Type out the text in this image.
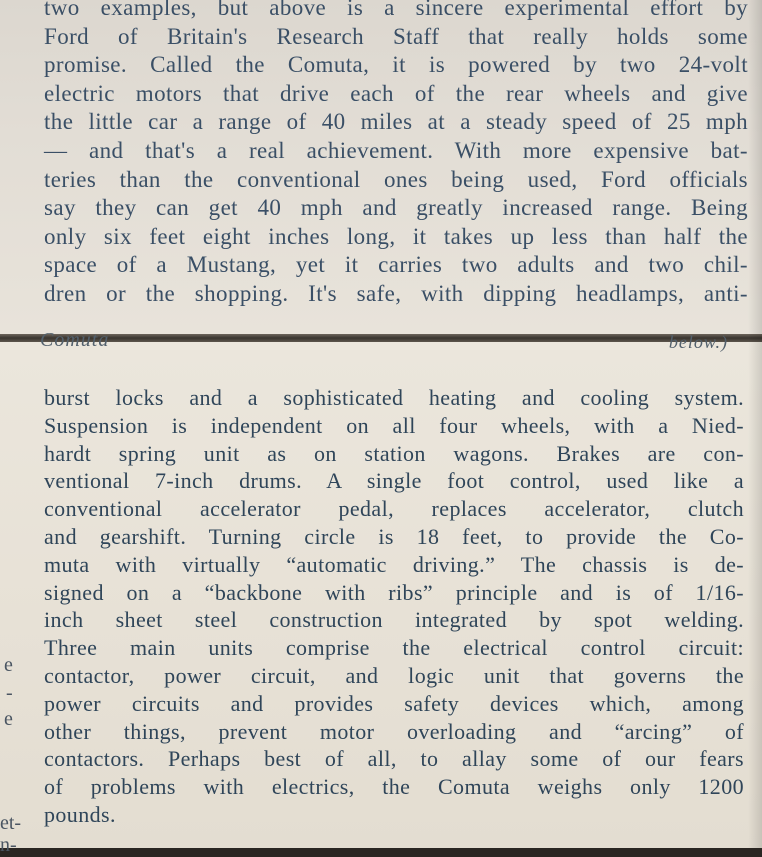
two examples, but above is a sincere experimental effort by
Ford of Britain's Research Staff that really holds some
promise. Called the Comuta, it is powered by two 24-volt
electric motors that drive each of the rear wheels and give
the little car a range of 40 miles at a steady speed of 25 mph
— and that's a real achievement. With more expensive bat-
teries than the conventional ones being used, Ford officials
say they can get 40 mph and greatly increased range. Being
only six feet eight inches long, it takes up less than half the
space of a Mustang, yet it carries two adults and two chil-
dren or the shopping. It's safe, with dipping headlamps, anti-
Comuta	below.)
burst locks and a sophisticated heating and cooling system.
Suspension is independent on all four wheels, with a Nied-
hardt spring unit as on station wagons. Brakes are con-
ventional 7-inch drums. A single foot control, used like a
conventional accelerator pedal, replaces accelerator, clutch
and gearshift. Turning circle is 18 feet, to provide the Co-
muta with virtually “automatic driving.” The chassis is de-
signed on a “backbone with ribs” principle and is of 1/16-
inch sheet steel construction integrated by spot welding.
Three main units comprise the electrical control circuit:
contactor, power circuit, and logic unit that governs the
power circuits and provides safety devices which, among
other things, prevent motor overloading and “arcing” of
contactors. Perhaps best of all, to allay some of our fears
of problems with electrics, the Comuta weighs only 1200
pounds.
e
-
e
et-
n-
